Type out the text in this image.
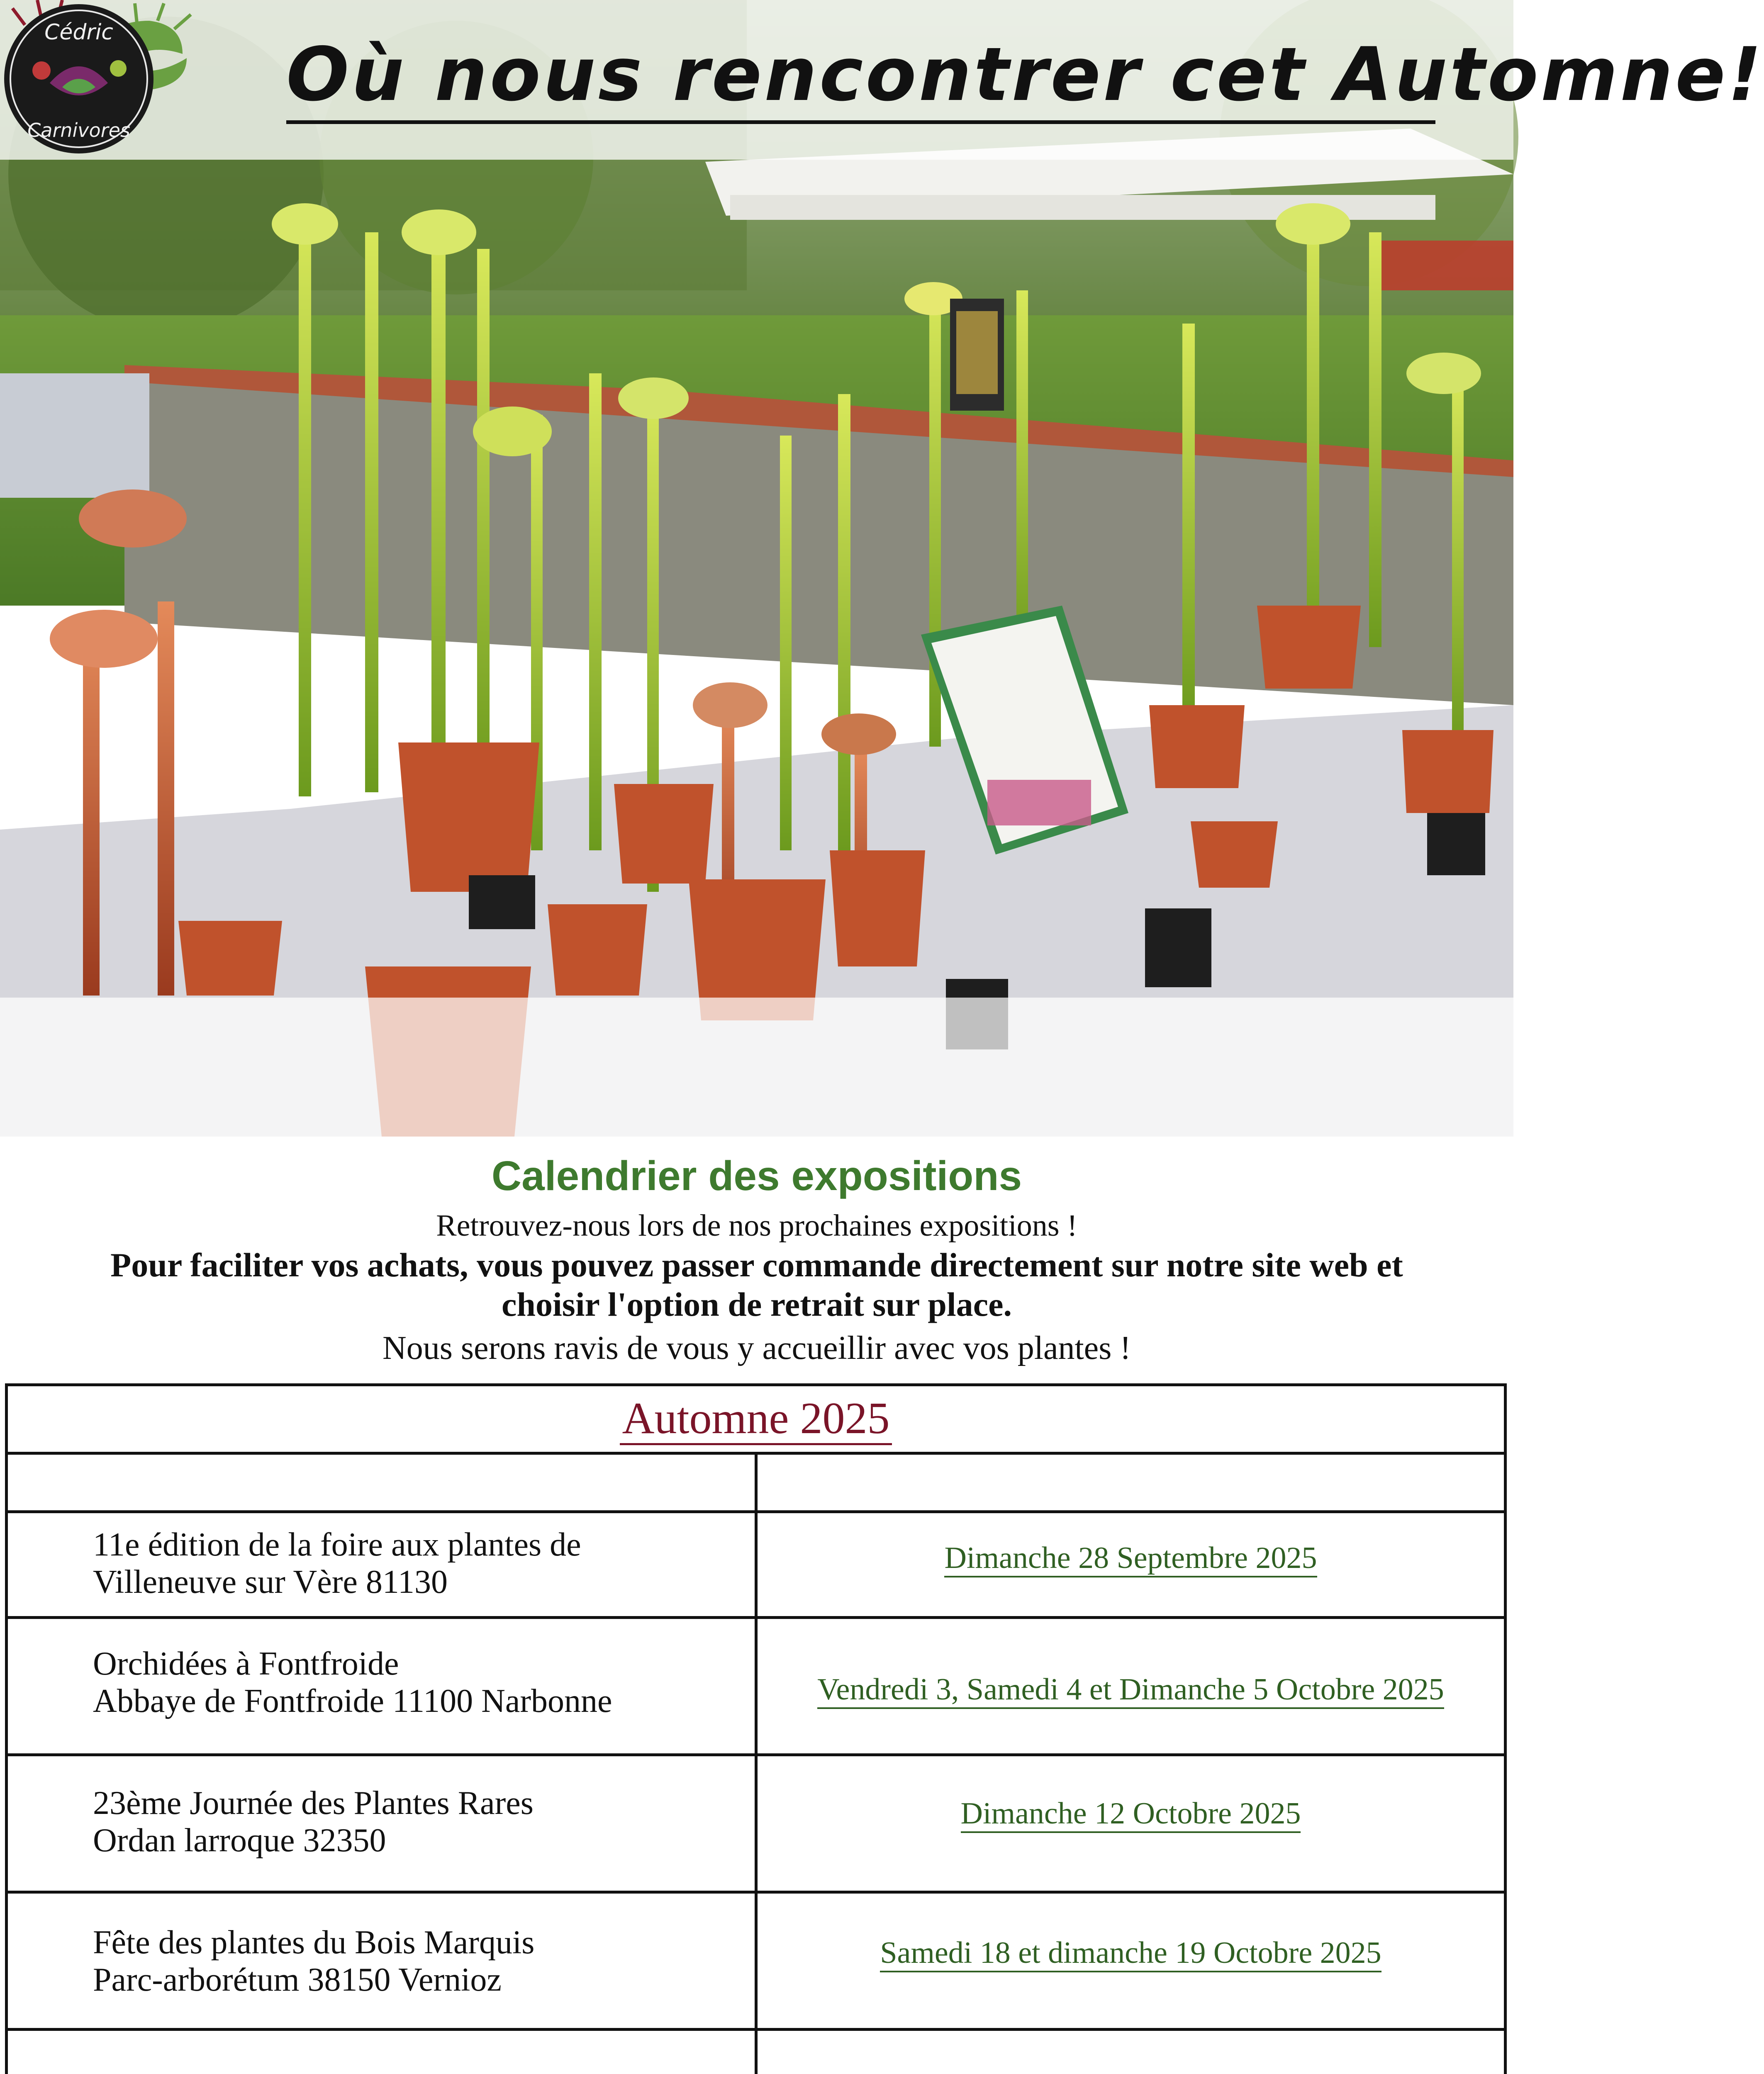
Où nous rencontrer cet Automne!
Cédric
Carnivores
Calendrier des expositions
Retrouvez-nous lors de nos prochaines expositions !
Pour faciliter vos achats, vous pouvez passer commande directement sur notre site web et
choisir l'option de retrait sur place.
Nous serons ravis de vous y accueillir avec vos plantes !
Automne 2025
11e édition de la foire aux plantes de
Villeneuve sur Vère 81130
Dimanche 28 Septembre 2025
Orchidées à Fontfroide
Abbaye de Fontfroide 11100 Narbonne	Vendredi 3, Samedi 4 et Dimanche 5 Octobre 2025
23ème Journée des Plantes Rares
Ordan larroque 32350
Dimanche 12 Octobre 2025
Fête des plantes du Bois Marquis
Parc-arborétum 38150 Vernioz
Samedi 18 et dimanche 19 Octobre 2025
